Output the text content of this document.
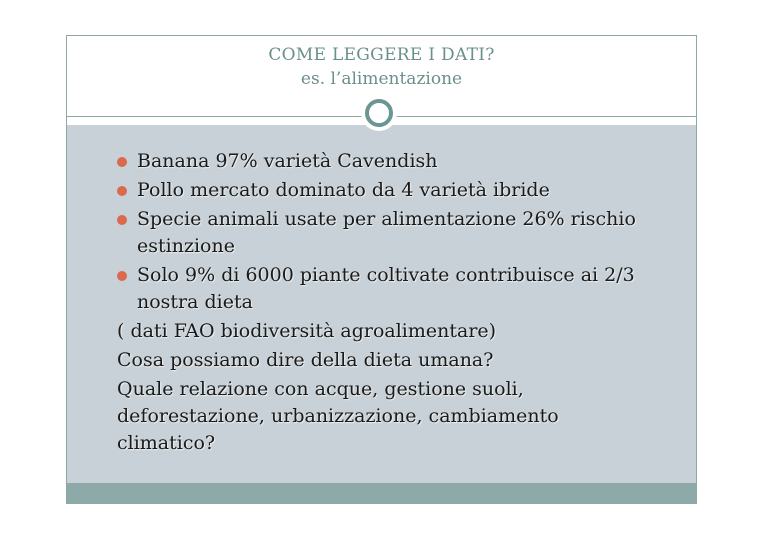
COME LEGGERE I DATI?
es. l’alimentazione
Banana 97% varietà Cavendish
Pollo mercato dominato da 4 varietà ibride
Specie animali usate per alimentazione 26% rischio estinzione
Solo 9% di 6000 piante coltivate contribuisce ai 2/3 nostra dieta
( dati FAO biodiversità agroalimentare)
Cosa possiamo dire della dieta umana?
Quale relazione con acque, gestione suoli, deforestazione, urbanizzazione, cambiamento climatico?
